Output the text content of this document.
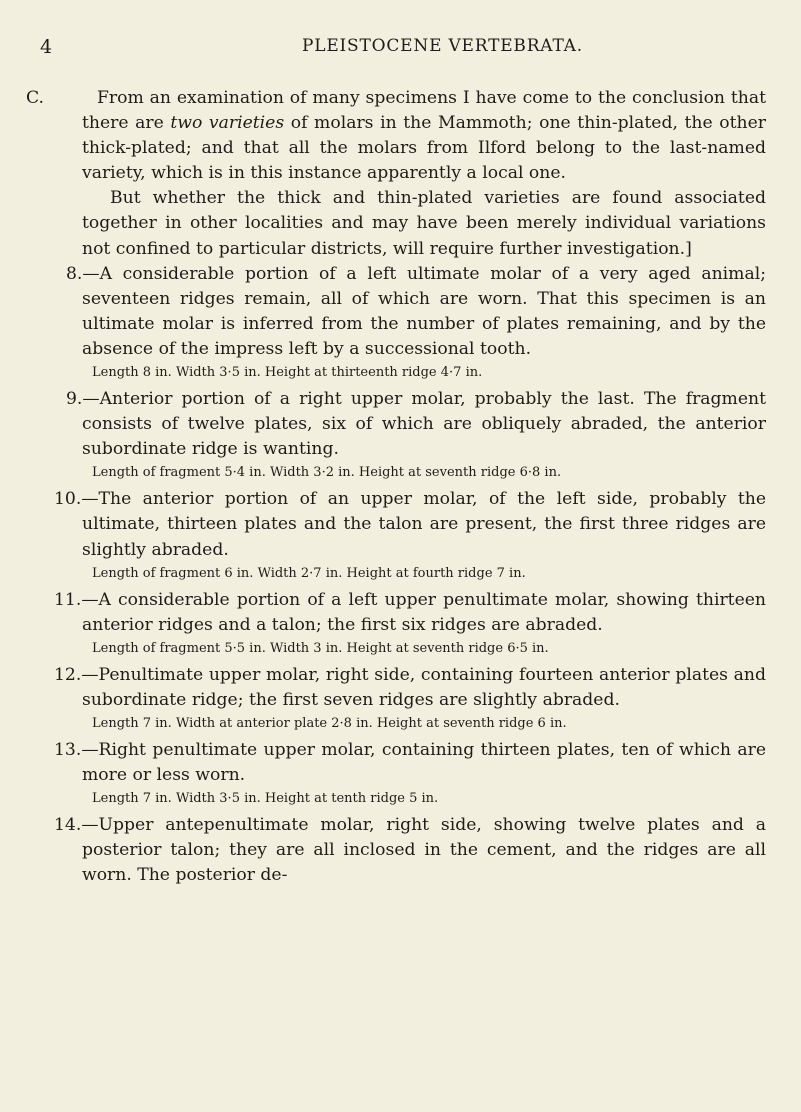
4	PLEISTOCENE VERTEBRATA.
C.	From an examination of many specimens I have come to the conclusion that there are two varieties of molars in the Mammoth; one thin-plated, the other thick-plated; and that all the molars from Ilford belong to the last-named variety, which is in this instance apparently a local one.

But whether the thick and thin-plated varieties are found associated together in other localities and may have been merely individual variations not confined to particular districts, will require further investigation.]

8.—A considerable portion of a left ultimate molar of a very aged animal; seventeen ridges remain, all of which are worn. That this specimen is an ultimate molar is inferred from the number of plates remaining, and by the absence of the impress left by a successional tooth.

Length 8 in. Width 3·5 in. Height at thirteenth ridge 4·7 in.

9.—Anterior portion of a right upper molar, probably the last. The fragment consists of twelve plates, six of which are obliquely abraded, the anterior subordinate ridge is wanting.

Length of fragment 5·4 in. Width 3·2 in. Height at seventh ridge 6·8 in.

10.—The anterior portion of an upper molar, of the left side, probably the ultimate, thirteen plates and the talon are present, the first three ridges are slightly abraded.

Length of fragment 6 in. Width 2·7 in. Height at fourth ridge 7 in.

11.—A considerable portion of a left upper penultimate molar, showing thirteen anterior ridges and a talon; the first six ridges are abraded.

Length of fragment 5·5 in. Width 3 in. Height at seventh ridge 6·5 in.

12.—Penultimate upper molar, right side, containing fourteen anterior plates and subordinate ridge; the first seven ridges are slightly abraded.

Length 7 in. Width at anterior plate 2·8 in. Height at seventh ridge 6 in.

13.—Right penultimate upper molar, containing thirteen plates, ten of which are more or less worn.

Length 7 in. Width 3·5 in. Height at tenth ridge 5 in.

14.—Upper antepenultimate molar, right side, showing twelve plates and a posterior talon; they are all inclosed in the cement, and the ridges are all worn. The posterior de-
